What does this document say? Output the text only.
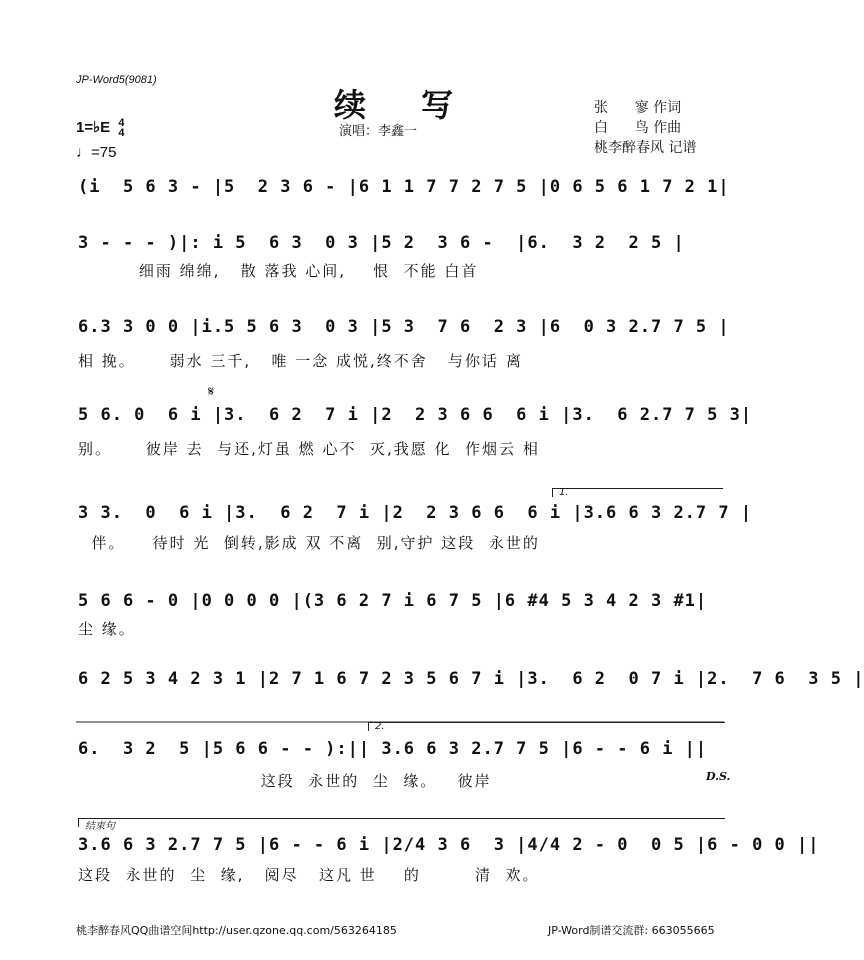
JP-Word5(9081)
续 写
演唱：李鑫一
1=♭E 4
4
♩=75
张      寥 作词
白      鸟 作曲
桃李醉春风 记谱
𝄋
1.
2.
结束句
D.S.
(i  5 6 3 - |5  2 3 6 - |6 1 1 7 7 2 7 5 |0 6 5 6 1 7 2 1|
3 - - - )|: i 5  6 3  0 3 |5 2  3 6 -  |6.  3 2  2 5 |
细雨 绵绵,   散 落我 心间,    恨  不能 白首
6.3 3 0 0 |i.5 5 6 3  0 3 |5 3  7 6  2 3 |6  0 3 2.7 7 5 |
相 挽。     弱水 三千,   唯 一念 成悦,终不舍   与你话 离
5 6. 0  6 i |3.  6 2  7 i |2  2 3 6 6  6 i |3.  6 2.7 7 5 3|
别。     彼岸 去  与还,灯虽 燃 心不  灭,我愿 化  作烟云 相
3 3.  0  6 i |3.  6 2  7 i |2  2 3 6 6  6 i |3.6 6 3 2.7 7 |
伴。    待时 光  倒转,影成 双 不离  别,守护 这段  永世的
5 6 6 - 0 |0 0 0 0 |(3 6 2 7 i 6 7 5 |6 #4 5 3 4 2 3 #1|
尘 缘。
6 2 5 3 4 2 3 1 |2 7 1 6 7 2 3 5 6 7 i |3.  6 2  0 7 i |2.  7 6  3 5 |
6.  3 2  5 |5 6 6 - - ):|| 3.6 6 3 2.7 7 5 |6 - - 6 i ||
这段  永世的  尘  缘。   彼岸
3.6 6 3 2.7 7 5 |6 - - 6 i |2/4 3 6  3 |4/4 2 - 0  0 5 |6 - 0 0 ||
这段  永世的  尘  缘,   阅尽   这凡 世    的        清  欢。
桃李醉春风QQ曲谱空间http://user.qzone.qq.com/563264185	JP-Word制谱交流群: 663055665
